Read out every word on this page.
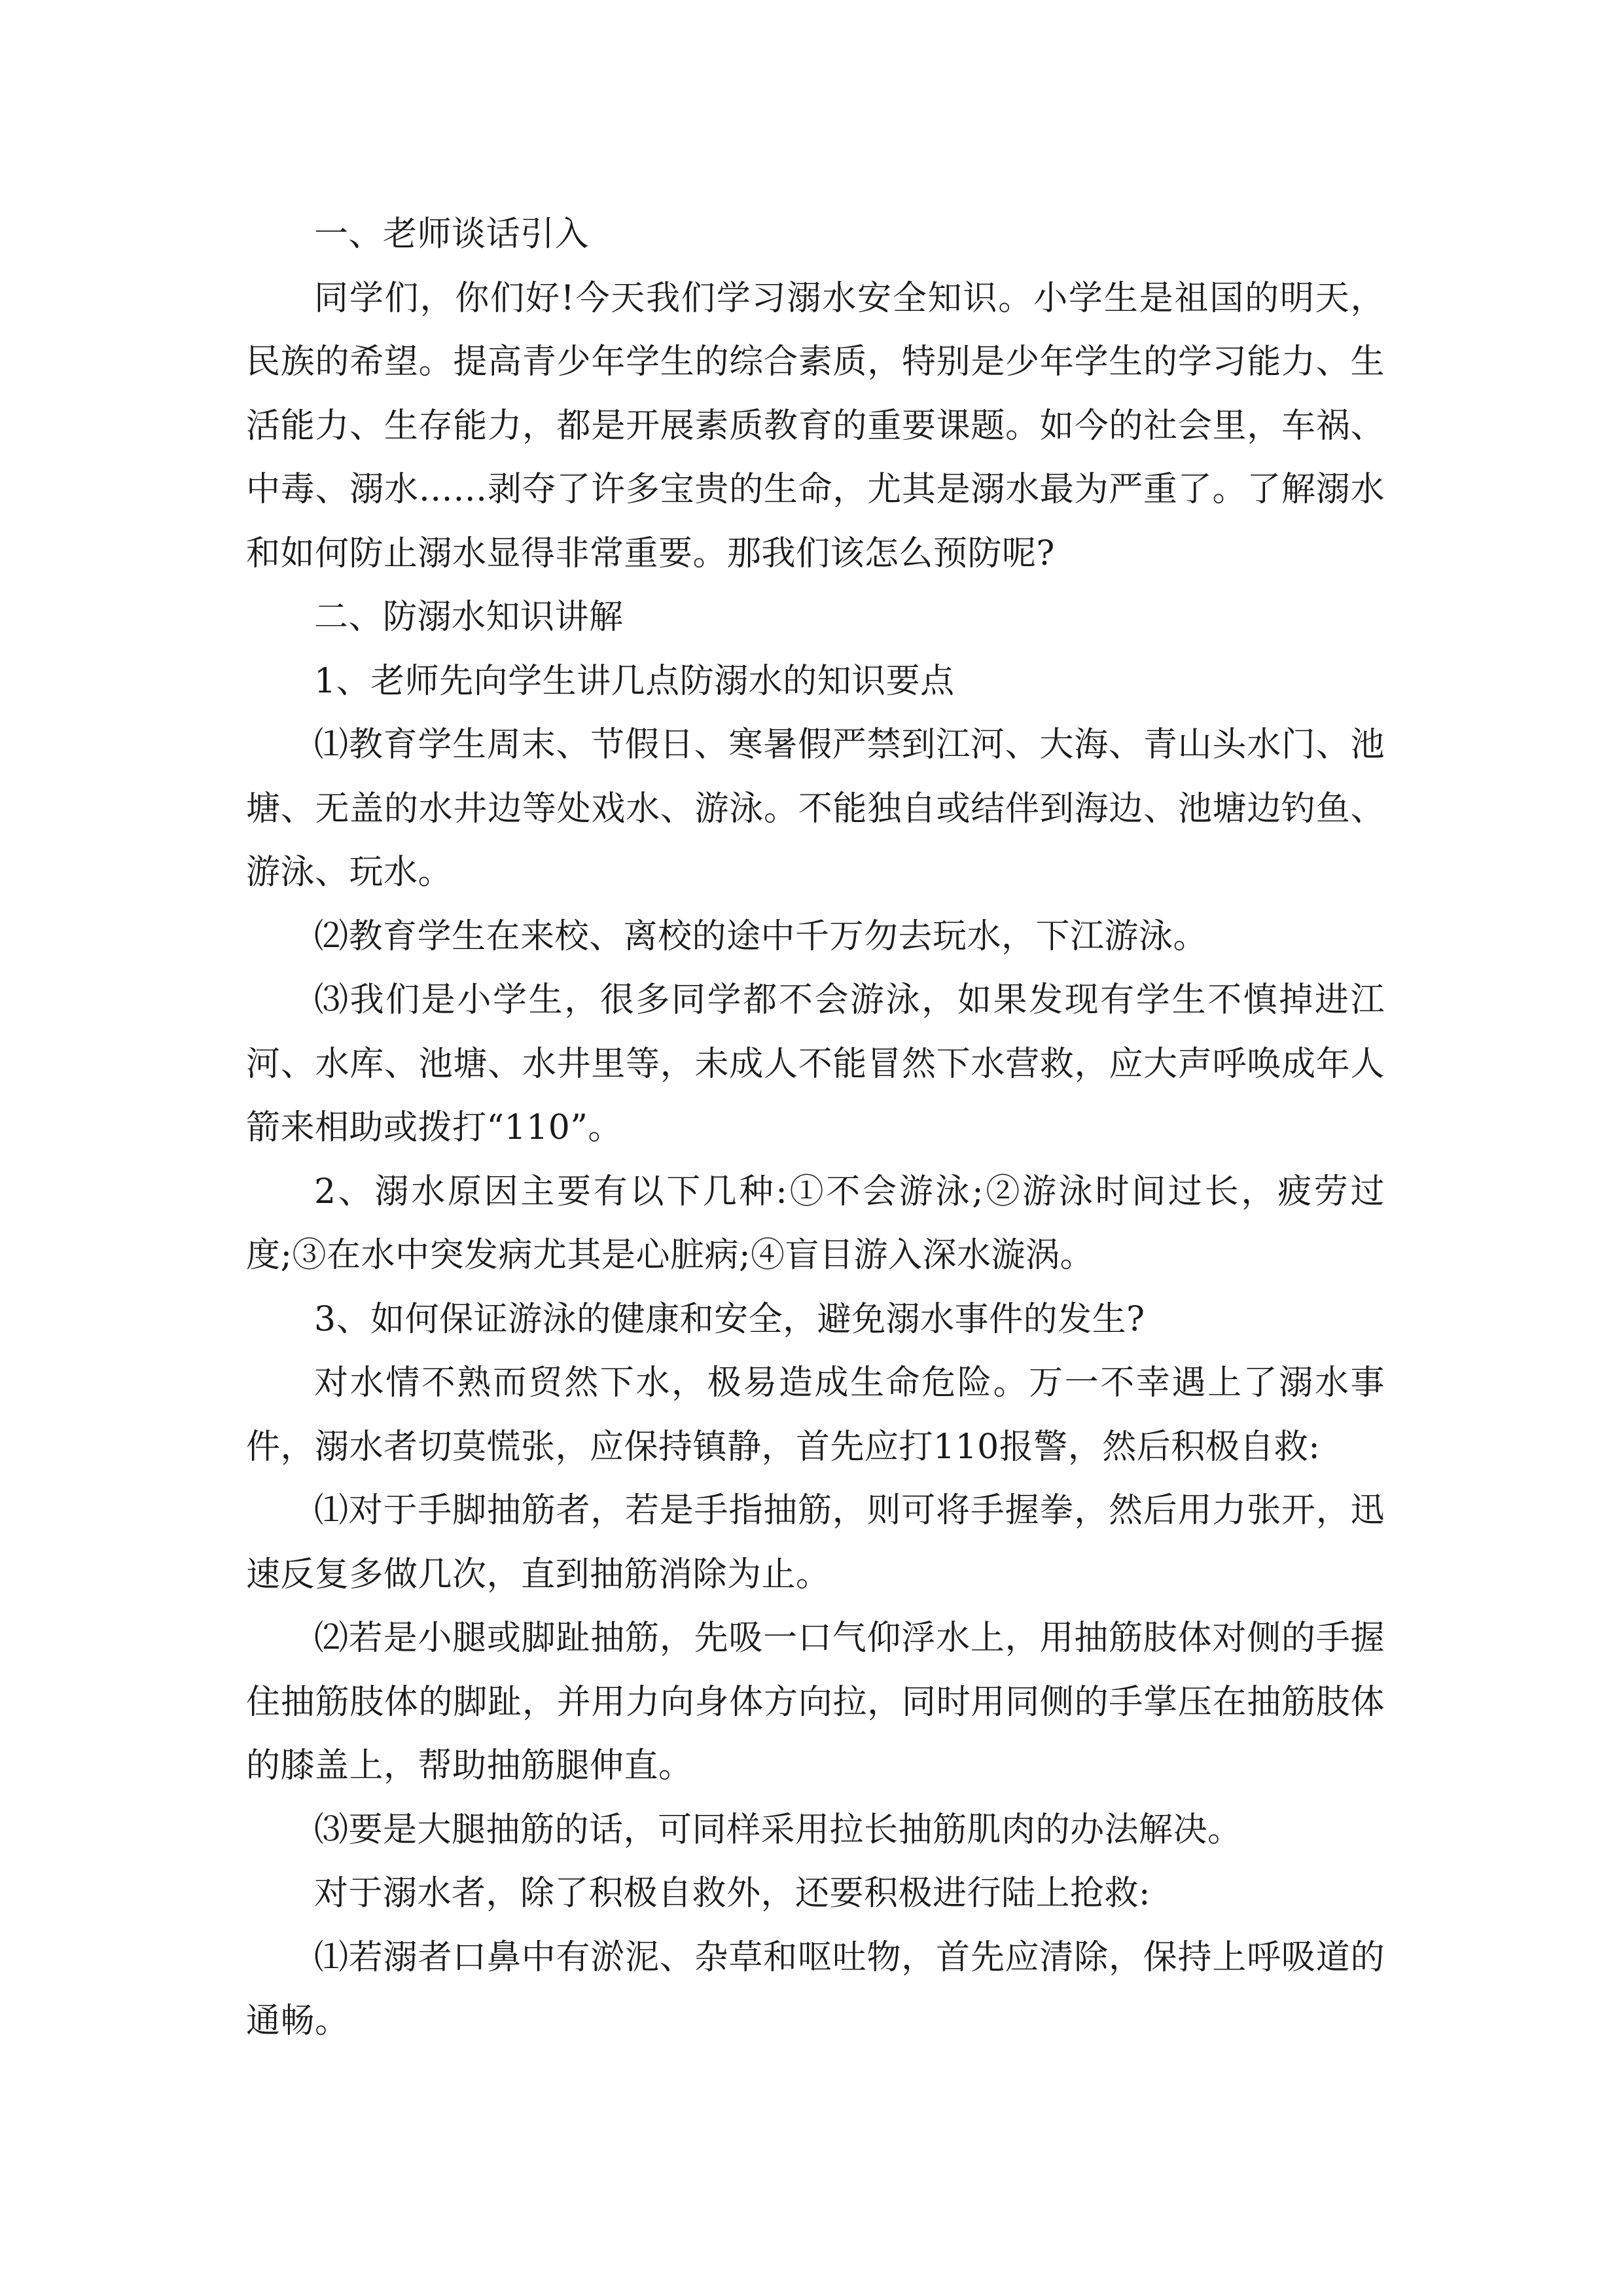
一、老师谈话引入

同学们，你们好!今天我们学习溺水安全知识。小学生是祖国的明天，民族的希望。提高青少年学生的综合素质，特别是少年学生的学习能力、生活能力、生存能力，都是开展素质教育的重要课题。如今的社会里，车祸、中毒、溺水……剥夺了许多宝贵的生命，尤其是溺水最为严重了。了解溺水和如何防止溺水显得非常重要。那我们该怎么预防呢?

二、防溺水知识讲解

1、老师先向学生讲几点防溺水的知识要点

⑴教育学生周末、节假日、寒暑假严禁到江河、大海、青山头水门、池塘、无盖的水井边等处戏水、游泳。不能独自或结伴到海边、池塘边钓鱼、游泳、玩水。

⑵教育学生在来校、离校的途中千万勿去玩水，下江游泳。

⑶我们是小学生，很多同学都不会游泳，如果发现有学生不慎掉进江河、水库、池塘、水井里等，未成人不能冒然下水营救，应大声呼唤成年人箭来相助或拨打“110”。

2、溺水原因主要有以下几种:①不会游泳;②游泳时间过长，疲劳过度;③在水中突发病尤其是心脏病;④盲目游入深水漩涡。

3、如何保证游泳的健康和安全，避免溺水事件的发生?

对水情不熟而贸然下水，极易造成生命危险。万一不幸遇上了溺水事件，溺水者切莫慌张，应保持镇静，首先应打110报警，然后积极自救:

⑴对于手脚抽筋者，若是手指抽筋，则可将手握拳，然后用力张开，迅速反复多做几次，直到抽筋消除为止。

⑵若是小腿或脚趾抽筋，先吸一口气仰浮水上，用抽筋肢体对侧的手握住抽筋肢体的脚趾，并用力向身体方向拉，同时用同侧的手掌压在抽筋肢体的膝盖上，帮助抽筋腿伸直。

⑶要是大腿抽筋的话，可同样采用拉长抽筋肌肉的办法解决。

对于溺水者，除了积极自救外，还要积极进行陆上抢救:

⑴若溺者口鼻中有淤泥、杂草和呕吐物，首先应清除，保持上呼吸道的通畅。
